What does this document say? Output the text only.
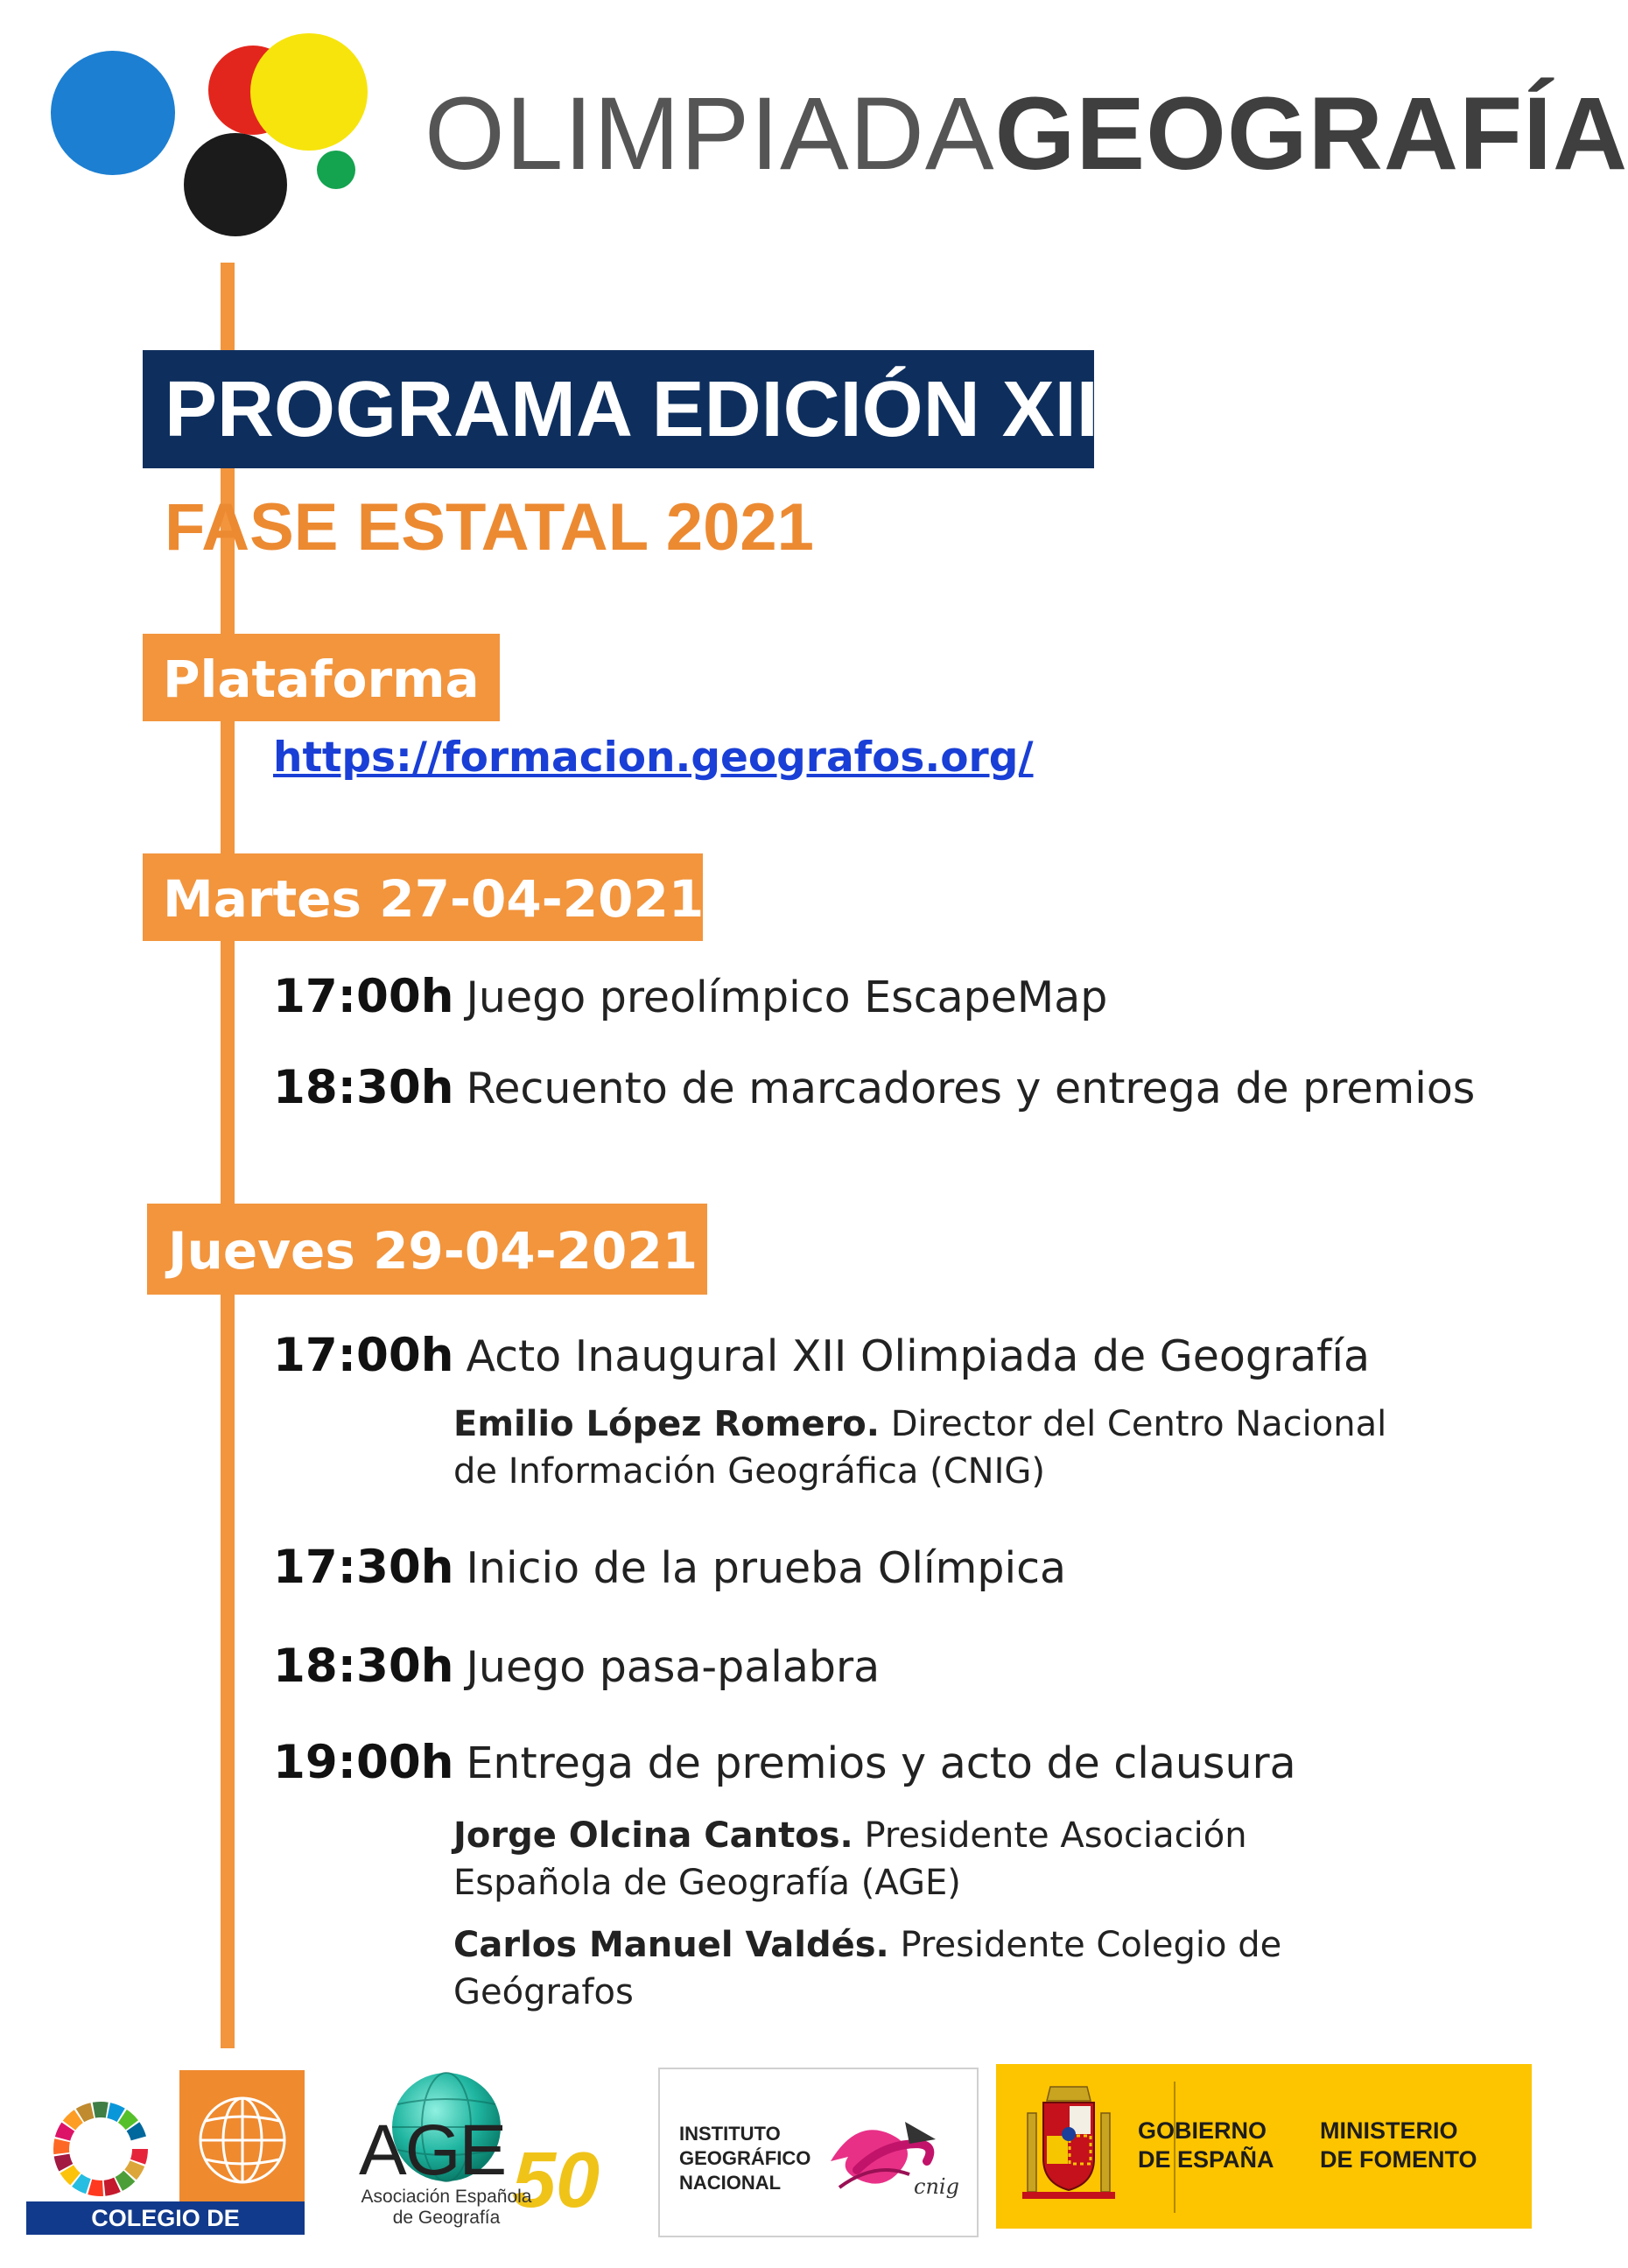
OLIMPIADAGEOGRAFÍA
PROGRAMA EDICIÓN XII
FASE ESTATAL 2021
Plataforma
https://formacion.geografos.org/
Martes 27-04-2021
17:00h Juego preolímpico EscapeMap
18:30h Recuento de marcadores y entrega de premios
Jueves 29-04-2021
17:00h Acto Inaugural XII Olimpiada de Geografía
Emilio López Romero. Director del Centro Nacional de Información Geográfica (CNIG)
17:30h Inicio de la prueba Olímpica
18:30h Juego pasa-palabra
19:00h Entrega de premios y acto de clausura
Jorge Olcina Cantos. Presidente Asociación Española de Geografía (AGE)
Carlos Manuel Valdés. Presidente Colegio de Geógrafos
COLEGIO DE GEÓGRAFOS
AGE 50
Asociación Española
de Geografía
INSTITUTO
GEOGRÁFICO
NACIONAL	cnig
GOBIERNO
DE ESPAÑA
MINISTERIO
DE FOMENTO
